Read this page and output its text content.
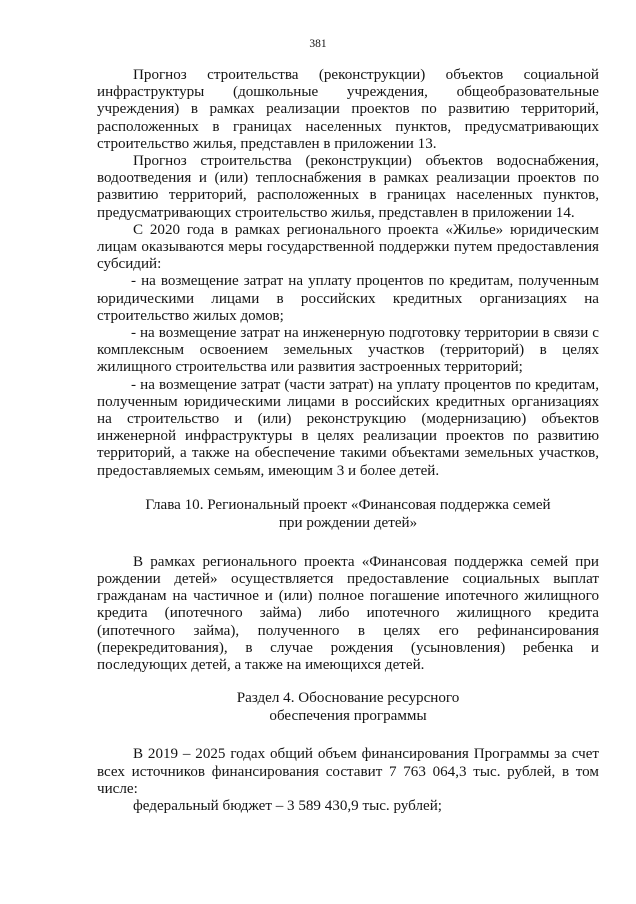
381

Прогноз строительства (реконструкции) объектов социальной инфраструктуры (дошкольные учреждения, общеобразовательные учреждения) в рамках реализации проектов по развитию территорий, расположенных в границах населенных пунктов, предусматривающих строительство жилья, представлен в приложении 13.

Прогноз строительства (реконструкции) объектов водоснабжения, водоотведения и (или) теплоснабжения в рамках реализации проектов по развитию территорий, расположенных в границах населенных пунктов, предусматривающих строительство жилья, представлен в приложении 14.

С 2020 года в рамках регионального проекта «Жилье» юридическим лицам оказываются меры государственной поддержки путем предоставления субсидий:

- на возмещение затрат на уплату процентов по кредитам, полученным юридическими лицами в российских кредитных организациях на строительство жилых домов;

- на возмещение затрат на инженерную подготовку территории в связи с комплексным освоением земельных участков (территорий) в целях жилищного строительства или развития застроенных территорий;

- на возмещение затрат (части затрат) на уплату процентов по кредитам, полученным юридическими лицами в российских кредитных организациях на строительство и (или) реконструкцию (модернизацию) объектов инженерной инфраструктуры в целях реализации проектов по развитию территорий, а также на обеспечение такими объектами земельных участков, предоставляемых семьям, имеющим 3 и более детей.

Глава 10. Региональный проект «Финансовая поддержка семей
при рождении детей»

В рамках регионального проекта «Финансовая поддержка семей при рождении детей» осуществляется предоставление социальных выплат гражданам на частичное и (или) полное погашение ипотечного жилищного кредита (ипотечного займа) либо ипотечного жилищного кредита (ипотечного займа), полученного в целях его рефинансирования (перекредитования), в случае рождения (усыновления) ребенка и последующих детей, а также на имеющихся детей.

Раздел 4. Обоснование ресурсного
обеспечения программы

В 2019 – 2025 годах общий объем финансирования Программы за счет всех источников финансирования составит 7 763 064,3 тыс. рублей, в том числе:

федеральный бюджет – 3 589 430,9 тыс. рублей;
